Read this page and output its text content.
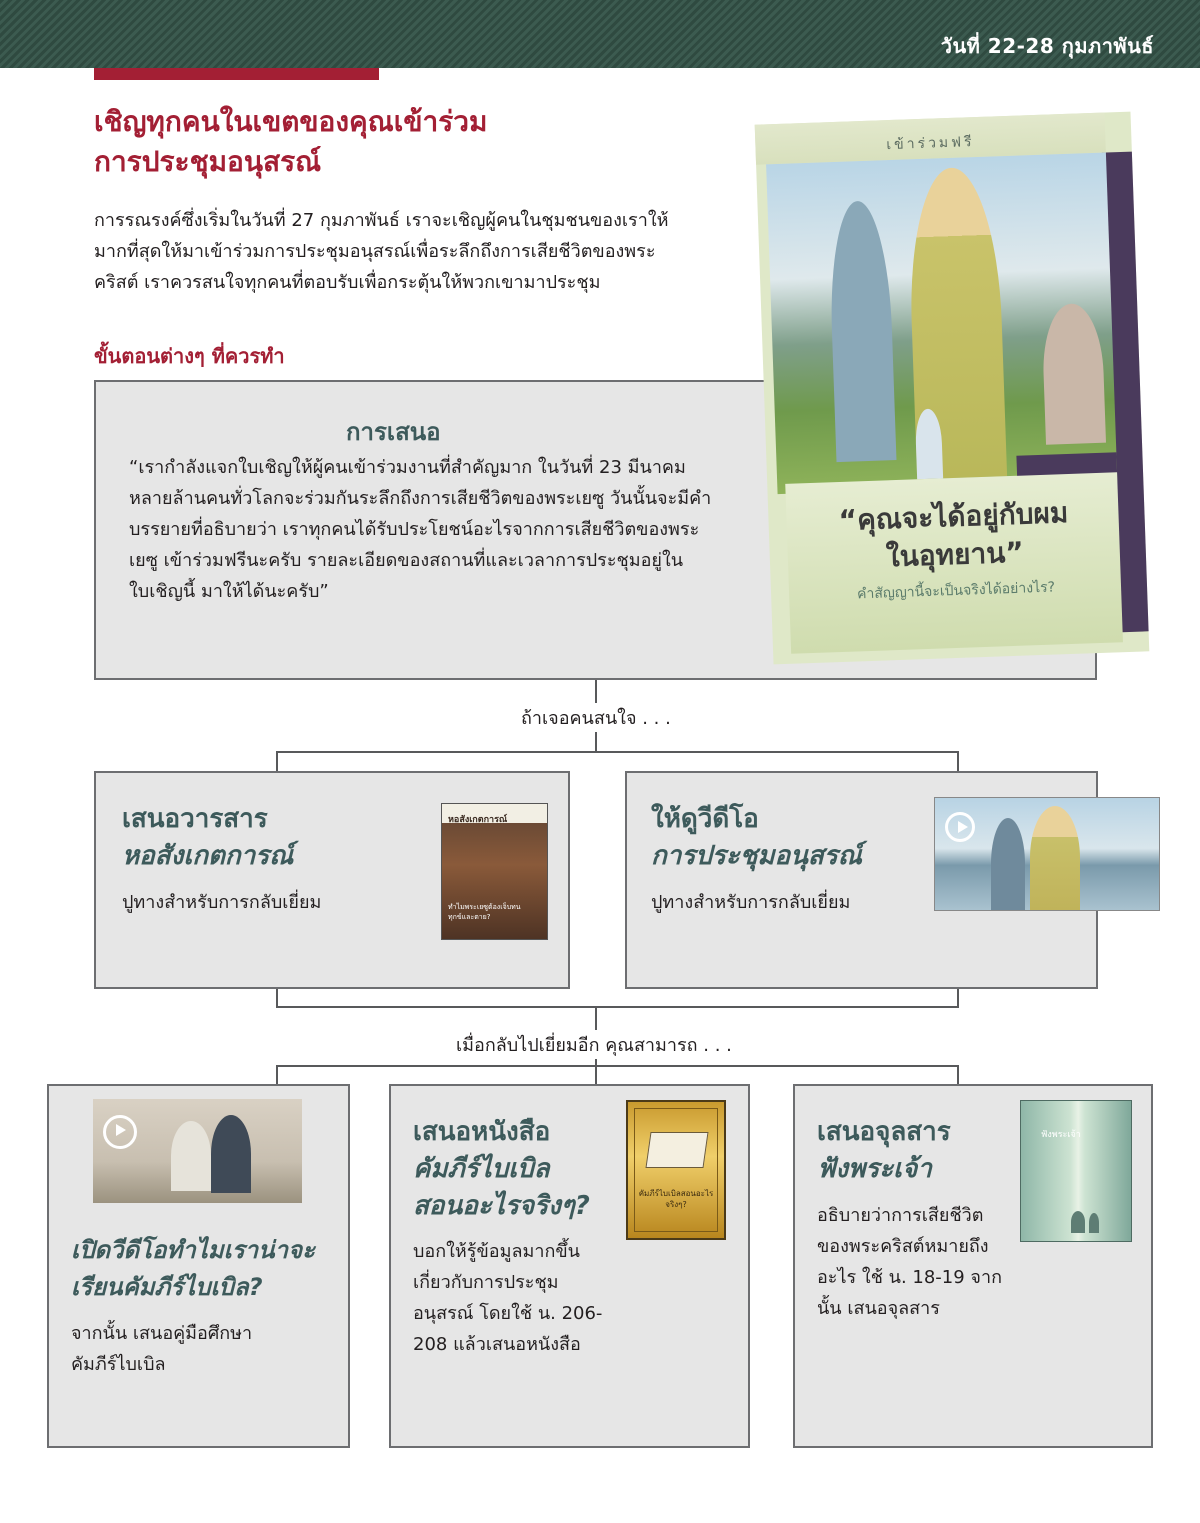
วันที่ 22-28 กุมภาพันธ์
เชิญทุกคนในเขตของคุณเข้าร่วม
การประชุมอนุสรณ์

การรณรงค์ซึ่งเริ่มในวันที่ 27 กุมภาพันธ์ เราจะเชิญผู้คนในชุมชนของเราให้
มากที่สุดให้มาเข้าร่วมการประชุมอนุสรณ์เพื่อระลึกถึงการเสียชีวิตของพระ
คริสต์ เราควรสนใจทุกคนที่ตอบรับเพื่อกระตุ้นให้พวกเขามาประชุม

ขั้นตอนต่างๆ ที่ควรทำ
การเสนอ

“เรากำลังแจกใบเชิญให้ผู้คนเข้าร่วมงานที่สำคัญมาก ในวันที่ 23 มีนาคม
หลายล้านคนทั่วโลกจะร่วมกันระลึกถึงการเสียชีวิตของพระเยซู วันนั้นจะมีคำ
บรรยายที่อธิบายว่า เราทุกคนได้รับประโยชน์อะไรจากการเสียชีวิตของพระ
เยซู เข้าร่วมฟรีนะครับ รายละเอียดของสถานที่และเวลาการประชุมอยู่ใน
ใบเชิญนี้ มาให้ได้นะครับ”

เข้าร่วมฟรี
“คุณจะได้อยู่กับผม
ในอุทยาน”

คำสัญญานี้จะเป็นจริงได้อย่างไร?

ถ้าเจอคนสนใจ . . .
เสนอวารสาร
หอสังเกตการณ์

ปูทางสำหรับการกลับเยี่ยม

หอสังเกตการณ์
ทำไมพระเยซูต้องเจ็บทนทุกข์และตาย?
ให้ดูวีดีโอ
การประชุมอนุสรณ์

ปูทางสำหรับการกลับเยี่ยม

เมื่อกลับไปเยี่ยมอีก คุณสามารถ . . .
เปิดวีดีโอทำไมเราน่าจะ
เรียนคัมภีร์ไบเบิล?

จากนั้น เสนอคู่มือศึกษา
คัมภีร์ไบเบิล

เสนอหนังสือ
คัมภีร์ไบเบิล
สอนอะไรจริงๆ?

บอกให้รู้ข้อมูลมากขึ้น
เกี่ยวกับการประชุม
อนุสรณ์ โดยใช้ น. 206-
208 แล้วเสนอหนังสือ

คัมภีร์ไบเบิลสอนอะไรจริงๆ?
เสนอจุลสาร
ฟังพระเจ้า

อธิบายว่าการเสียชีวิต
ของพระคริสต์หมายถึง
อะไร ใช้ น. 18-19 จาก
นั้น เสนอจุลสาร

ฟังพระเจ้า
